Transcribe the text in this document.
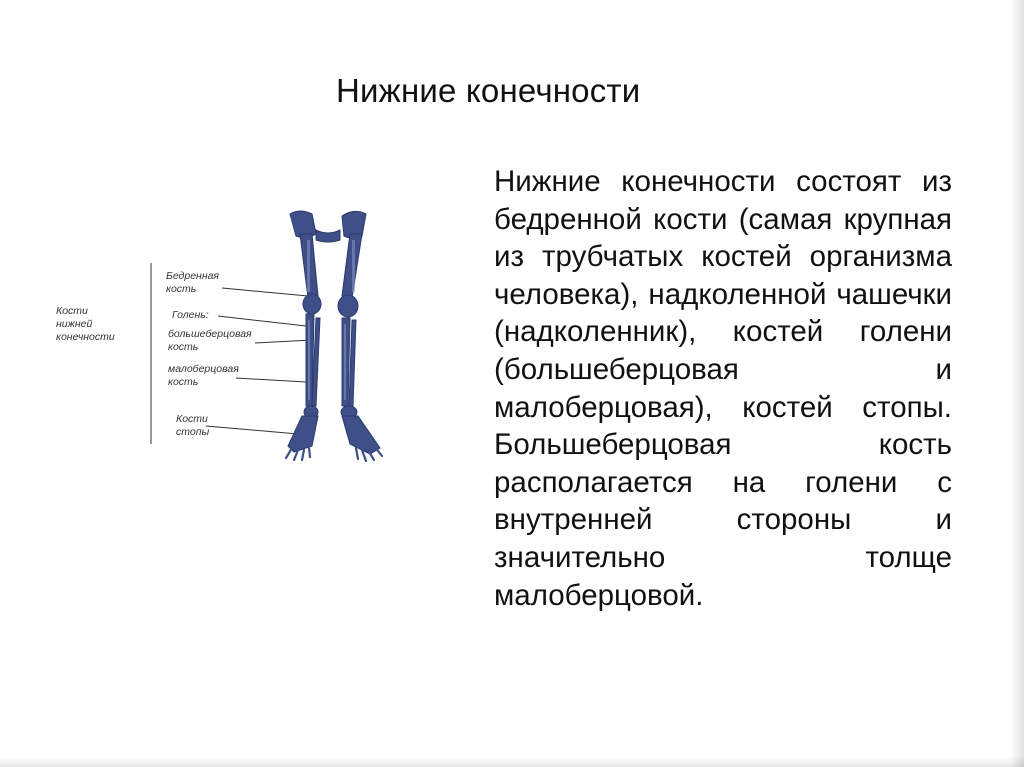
Нижние конечности
Нижние конечности состоят из бедренной кости (самая крупная из трубчатых костей организма человека), надколенной чашечки (надколенник), костей голени (большеберцовая и малоберцовая), костей стопы. Большеберцовая кость располагается на голени с внутренней стороны и значительно толще малоберцовой.
Кости
нижней
конечности
Бедренная
кость
Голень:
большеберцовая
кость
малоберцовая
кость
Кости
стопы
